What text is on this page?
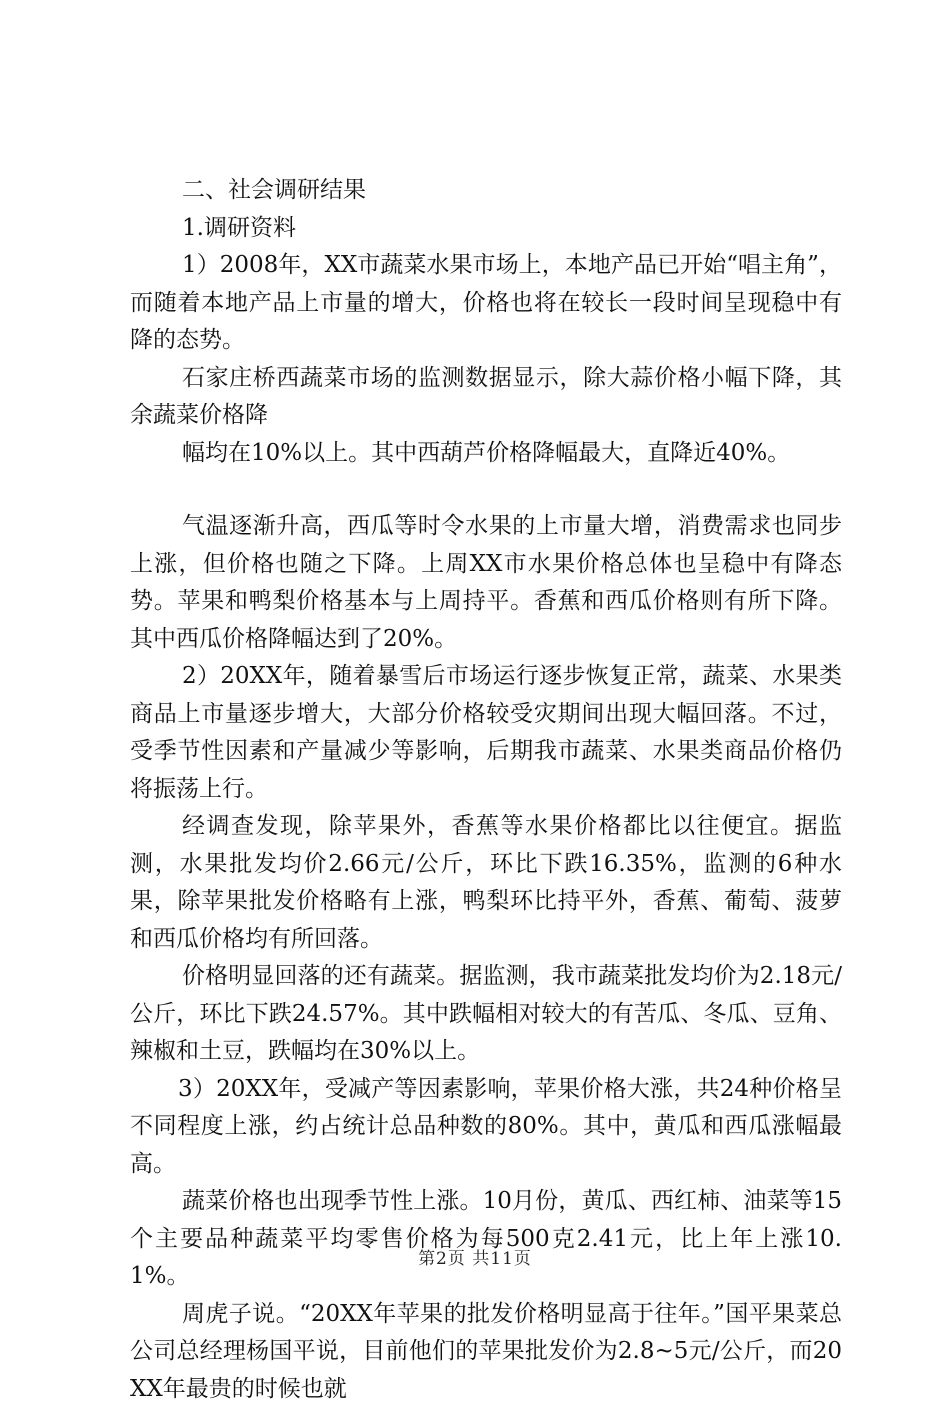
二、社会调研结果

1.调研资料

1）2008年，XX市蔬菜水果市场上，本地产品已开始“唱主角”，而随着本地产品上市量的增大，价格也将在较长一段时间呈现稳中有降的态势。

石家庄桥西蔬菜市场的监测数据显示，除大蒜价格小幅下降，其余蔬菜价格降

幅均在10%以上。其中西葫芦价格降幅最大，直降近40%。

气温逐渐升高，西瓜等时令水果的上市量大增，消费需求也同步上涨，但价格也随之下降。上周XX市水果价格总体也呈稳中有降态势。苹果和鸭梨价格基本与上周持平。香蕉和西瓜价格则有所下降。其中西瓜价格降幅达到了20%。

2）20XX年，随着暴雪后市场运行逐步恢复正常，蔬菜、水果类商品上市量逐步增大，大部分价格较受灾期间出现大幅回落。不过，受季节性因素和产量减少等影响，后期我市蔬菜、水果类商品价格仍将振荡上行。

经调查发现，除苹果外，香蕉等水果价格都比以往便宜。据监测，水果批发均价2.66元/公斤，环比下跌16.35%，监测的6种水果，除苹果批发价格略有上涨，鸭梨环比持平外，香蕉、葡萄、菠萝和西瓜价格均有所回落。

价格明显回落的还有蔬菜。据监测，我市蔬菜批发均价为2.18元/公斤，环比下跌24.57%。其中跌幅相对较大的有苦瓜、冬瓜、豆角、辣椒和土豆，跌幅均在30%以上。

3）20XX年，受减产等因素影响，苹果价格大涨，共24种价格呈不同程度上涨，约占统计总品种数的80%。其中，黄瓜和西瓜涨幅最高。

蔬菜价格也出现季节性上涨。10月份，黄瓜、西红柿、油菜等15个主要品种蔬菜平均零售价格为每500克2.41元，比上年上涨10.1%。

周虎子说。“20XX年苹果的批发价格明显高于往年。”国平果菜总公司总经理杨国平说，目前他们的苹果批发价为2.8~5元/公斤，而20XX年最贵的时候也就

第2页 共11页
